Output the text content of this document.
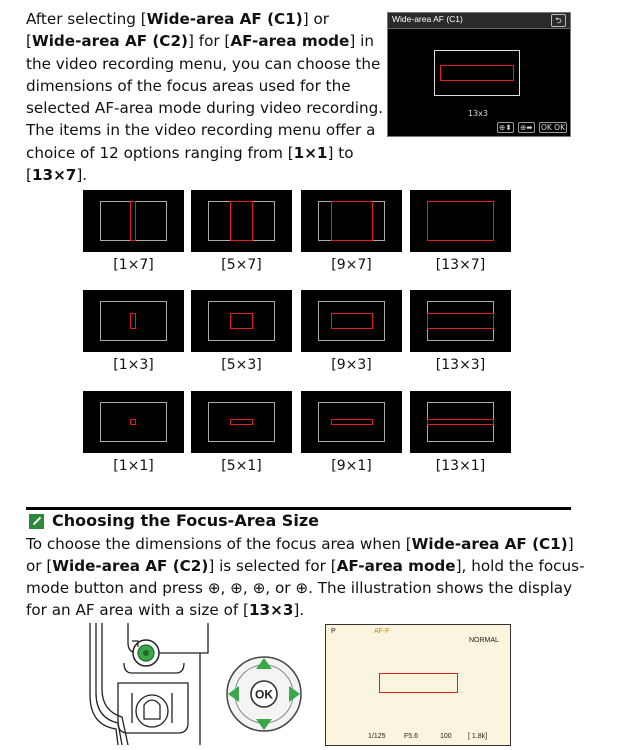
After selecting [Wide-area AF (C1)] or [Wide-area AF (C2)] for [AF-area mode] in the video recording menu, you can choose the dimensions of the focus areas used for the selected AF-area mode during video recording. The items in the video recording menu offer a choice of 12 options ranging from [1×1] to [13×7].

Wide-area AF (C1)	⮌
13x3
⊕⬍ ⊕⬌ OK OK
[1×7]	[5×7]	[9×7]	[13×7]
[1×3]	[5×3]	[9×3]	[13×3]
[1×1]	[5×1]	[9×1]	[13×1]
Choosing the Focus-Area Size

To choose the dimensions of the focus area when [Wide-area AF (C1)] or [Wide-area AF (C2)] is selected for [AF-area mode], hold the focus-mode button and press ⊕, ⊕, ⊕, or ⊕. The illustration shows the display for an AF area with a size of [13×3].

OK
P	AF-F
NORMAL
1/125	F5.6	100 [ 1.8k]
